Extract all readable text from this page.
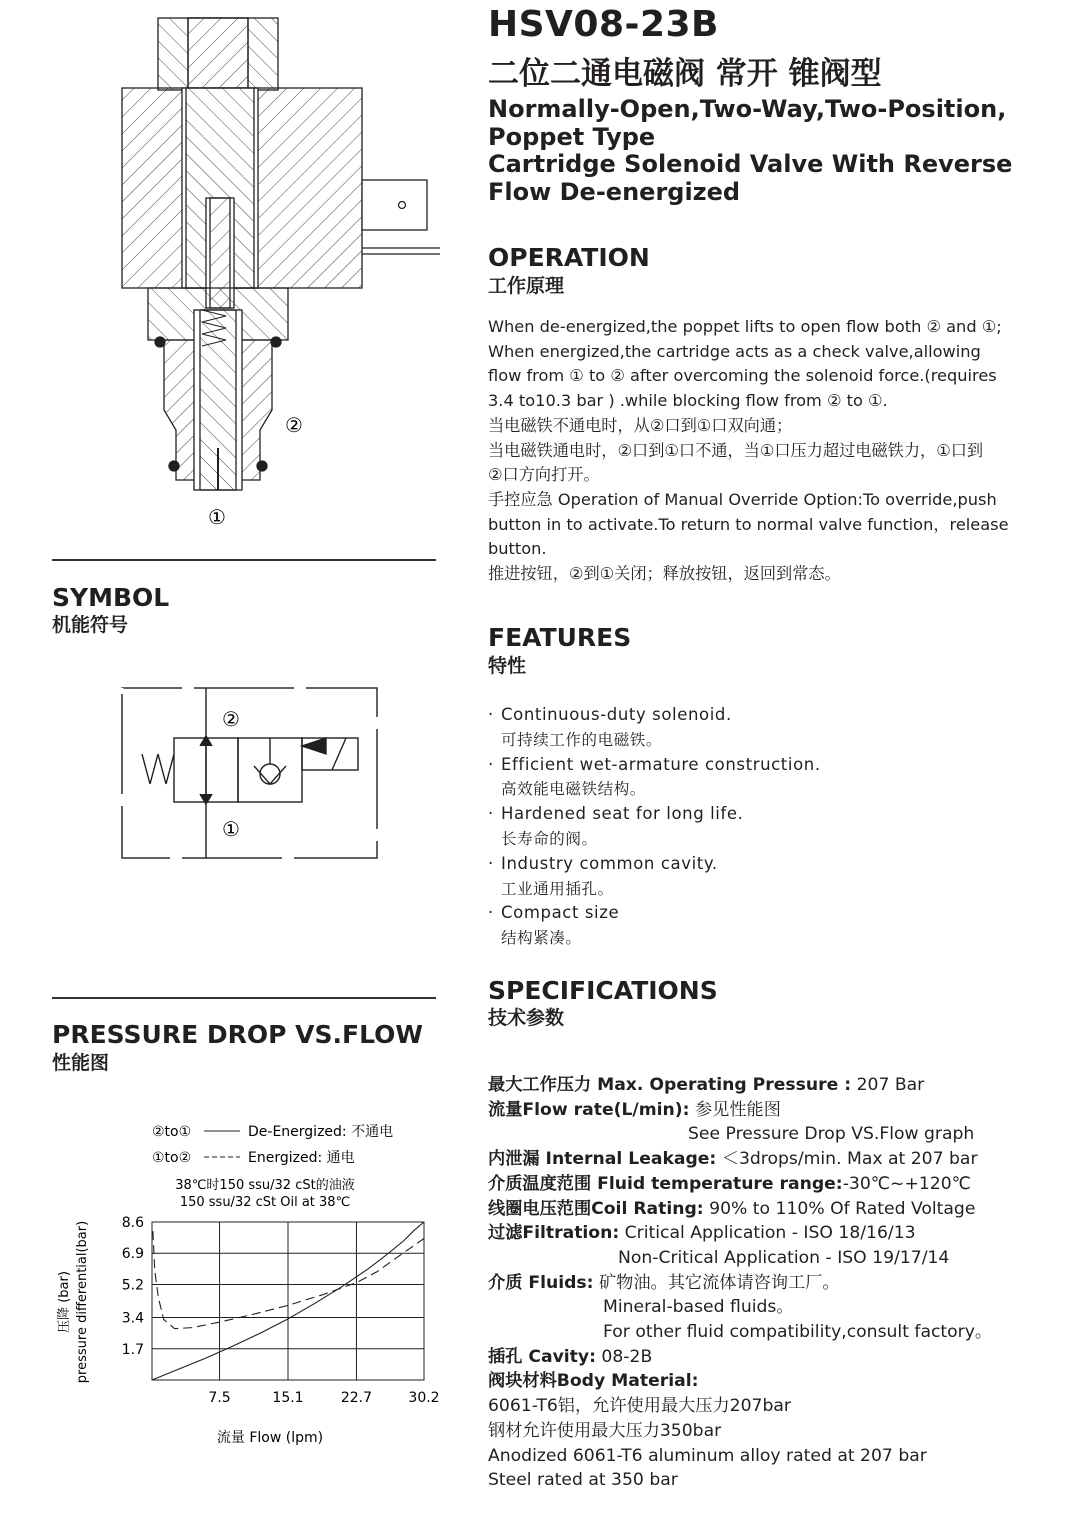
HSV08-23B
二位二通电磁阀 常开 锥阀型
Normally-Open,Two-Way,Two-Position,
Poppet Type
Cartridge Solenoid Valve With Reverse
Flow De-energized
②
①
SYMBOL
机能符号
②
①
PRESSURE DROP VS.FLOW
性能图
②to①	De-Energized: 不通电
①to②	Energized: 通电
38℃时150 ssu/32 cSt的油液
150 ssu/32 cSt Oil at 38℃
压降 (bar) pressure differential(bar)
流量 Flow (lpm)
7.5	15.1	22.7	30.2
8.6
6.9
5.2
3.4
1.7
OPERATION
工作原理

When de-energized,the poppet lifts to open flow both ② and ①;

When energized,the cartridge acts as a check valve,allowing

flow from ① to ② after overcoming the solenoid force.(requires

3.4 to10.3 bar ) .while blocking flow from ② to ①.

当电磁铁不通电时，从②口到①口双向通；

当电磁铁通电时，②口到①口不通，当①口压力超过电磁铁力，①口到

②口方向打开。

手控应急 Operation of Manual Override Option:To override,push

button in to activate.To return to normal valve function，release

button.

推进按钮，②到①关闭；释放按钮，返回到常态。

FEATURES
特性
· Continuous-duty solenoid.
可持续工作的电磁铁。
· Efficient wet-armature construction.
高效能电磁铁结构。
· Hardened seat for long life.
长寿命的阀。
· Industry common cavity.
工业通用插孔。
· Compact size
结构紧凑。
SPECIFICATIONS
技术参数
最大工作压力 Max. Operating Pressure : 207 Bar
流量Flow rate(L/min): 参见性能图
See Pressure Drop VS.Flow graph
内泄漏 Internal Leakage: ＜3drops/min. Max at 207 bar
介质温度范围 Fluid temperature range:-30℃~+120℃
线圈电压范围Coil Rating: 90% to 110% Of Rated Voltage
过滤Filtration: Critical Application - ISO 18/16/13
Non-Critical Application - ISO 19/17/14
介质 Fluids: 矿物油。其它流体请咨询工厂。
Mineral-based fluids。
For other fluid compatibility,consult factory。
插孔 Cavity: 08-2B
阀块材料Body Material:
6061-T6铝，允许使用最大压力207bar
钢材允许使用最大压力350bar
Anodized 6061-T6 aluminum alloy rated at 207 bar
Steel rated at 350 bar
